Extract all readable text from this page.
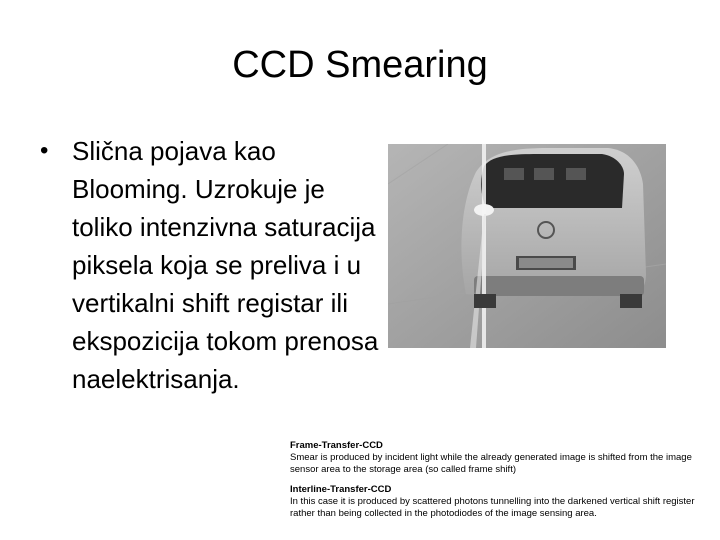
CCD Smearing
• Slična pojava kao Blooming. Uzrokuje je toliko intenzivna saturacija piksela koja se preliva i u vertikalni shift registar ili ekspozicija tokom prenosa naelektrisanja.
Frame-Transfer-CCD
Smear is produced by incident light while the already generated image is shifted from the image sensor area to the storage area (so called frame shift)
Interline-Transfer-CCD
In this case it is produced by scattered photons tunnelling into the darkened vertical shift register rather than being collected in the photodiodes of the image sensing area.
